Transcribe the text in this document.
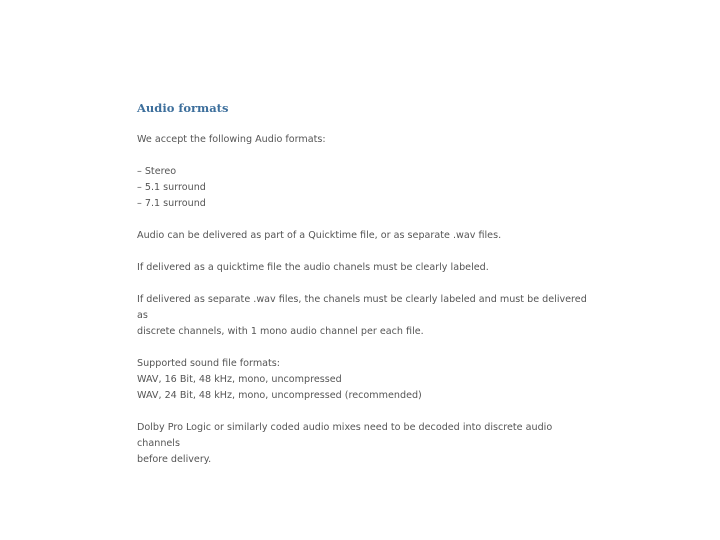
Audio formats

We accept the following Audio formats:

– Stereo

– 5.1 surround

– 7.1 surround

Audio can be delivered as part of a Quicktime file, or as separate .wav files.

If delivered as a quicktime file the audio chanels must be clearly labeled.

If delivered as separate .wav files, the chanels must be clearly labeled and must be delivered as

discrete channels, with 1 mono audio channel per each file.

Supported sound file formats:

WAV, 16 Bit, 48 kHz, mono, uncompressed

WAV, 24 Bit, 48 kHz, mono, uncompressed (recommended)

Dolby Pro Logic or similarly coded audio mixes need to be decoded into discrete audio channels

before delivery.
